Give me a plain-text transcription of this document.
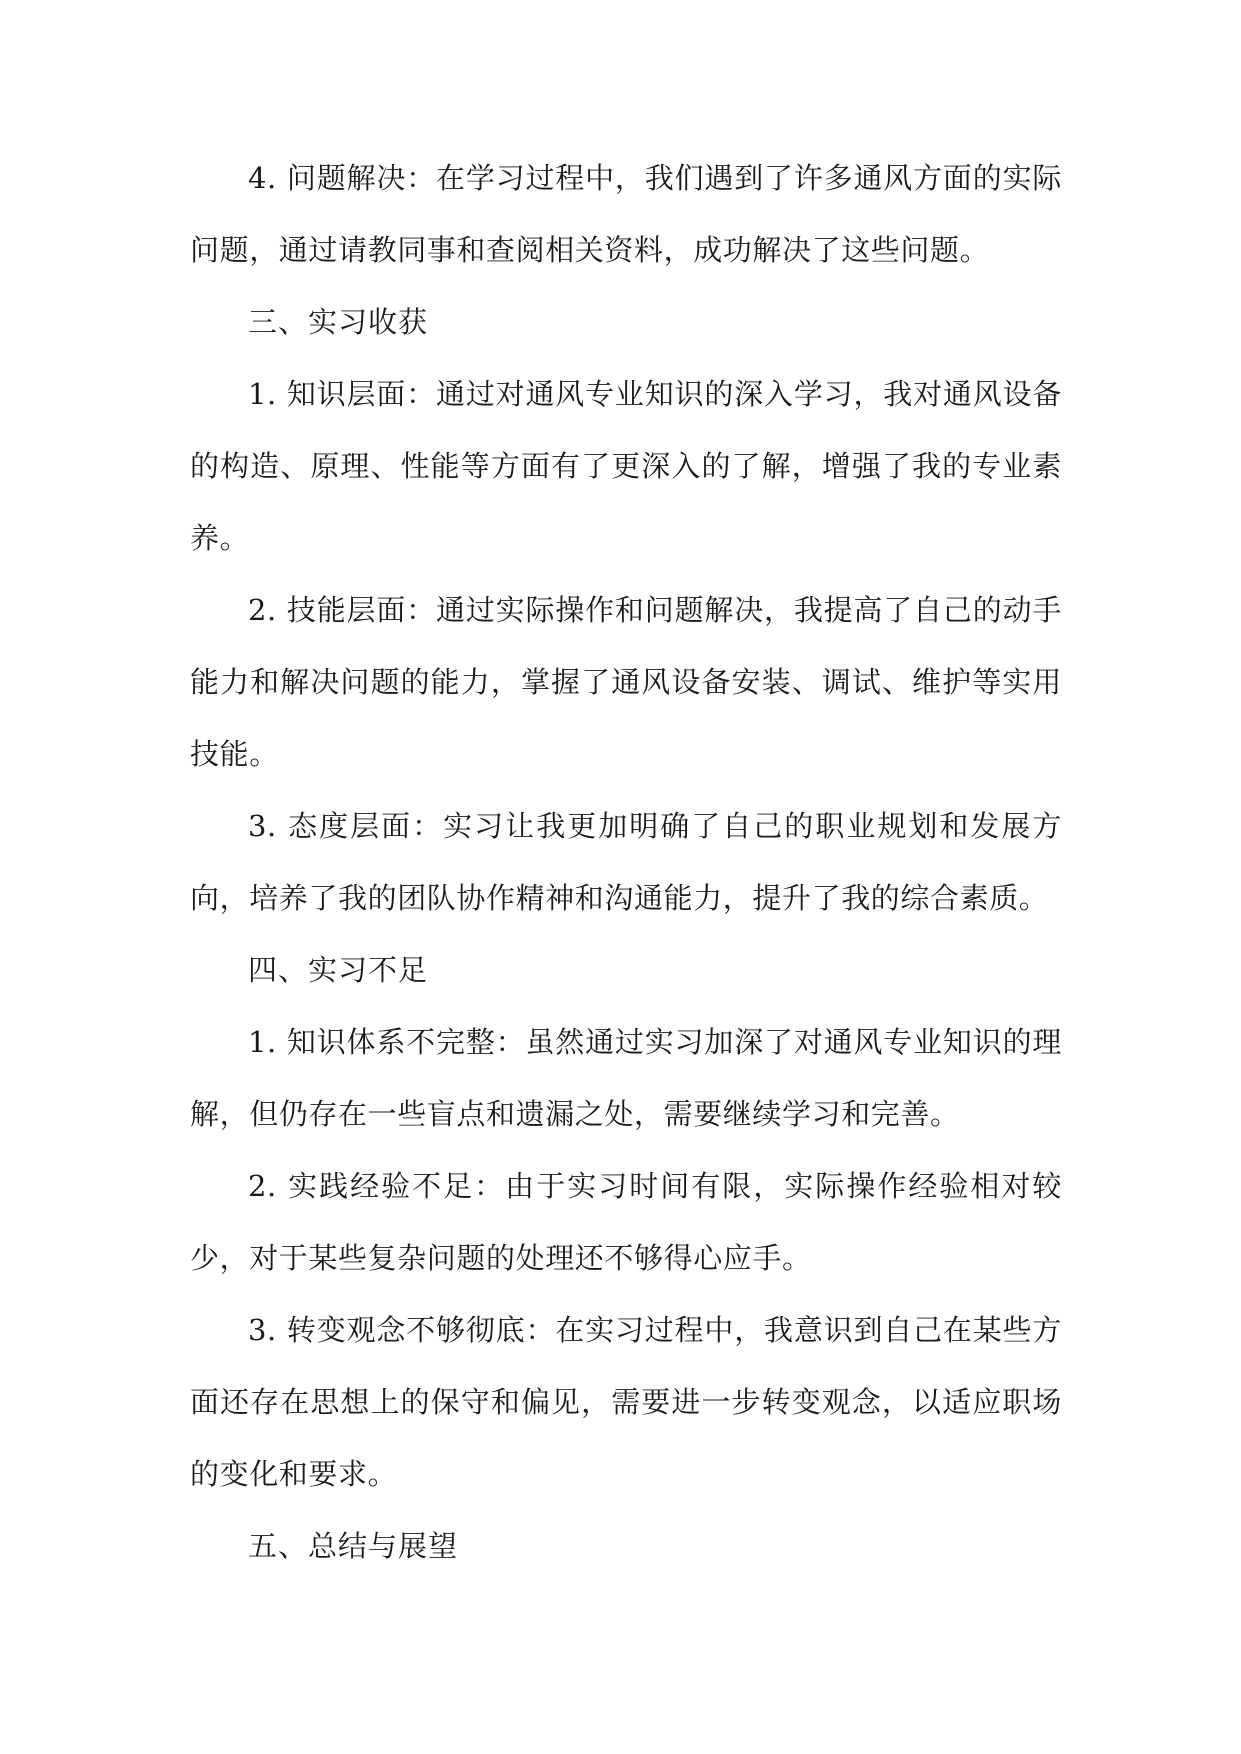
4. 问题解决：在学习过程中，我们遇到了许多通风方面的实际问题，通过请教同事和查阅相关资料，成功解决了这些问题。

三、实习收获

1. 知识层面：通过对通风专业知识的深入学习，我对通风设备的构造、原理、性能等方面有了更深入的了解，增强了我的专业素养。

2. 技能层面：通过实际操作和问题解决，我提高了自己的动手能力和解决问题的能力，掌握了通风设备安装、调试、维护等实用技能。

3. 态度层面：实习让我更加明确了自己的职业规划和发展方向，培养了我的团队协作精神和沟通能力，提升了我的综合素质。

四、实习不足

1. 知识体系不完整：虽然通过实习加深了对通风专业知识的理解，但仍存在一些盲点和遗漏之处，需要继续学习和完善。

2. 实践经验不足：由于实习时间有限，实际操作经验相对较少，对于某些复杂问题的处理还不够得心应手。

3. 转变观念不够彻底：在实习过程中，我意识到自己在某些方面还存在思想上的保守和偏见，需要进一步转变观念，以适应职场的变化和要求。

五、总结与展望
